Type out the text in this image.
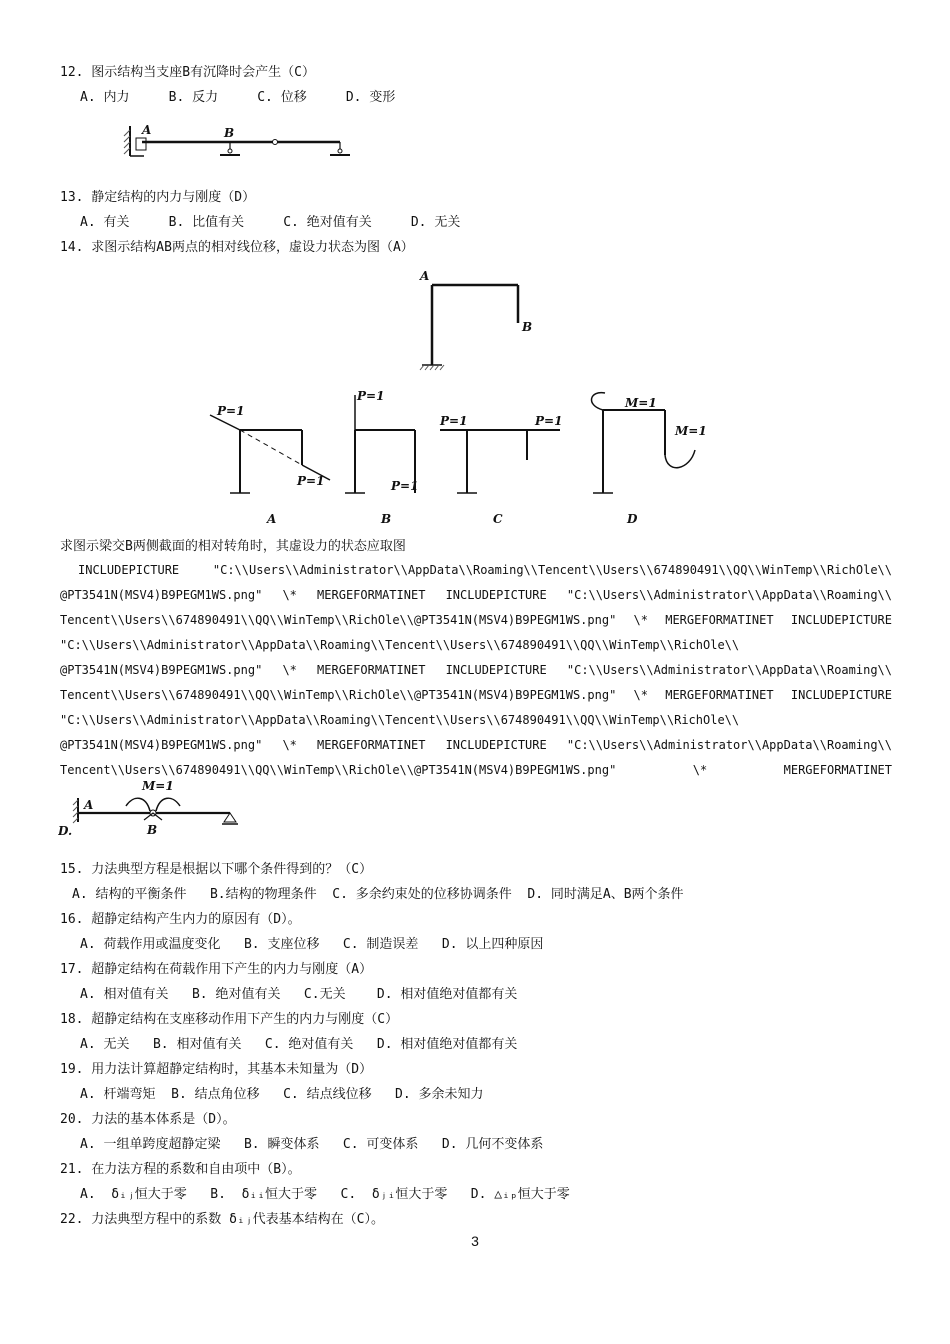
12. 图示结构当支座B有沉降时会产生（C）
A. 内力     B. 反力     C. 位移     D. 变形
A	B
13. 静定结构的内力与刚度（D）
A. 有关     B. 比值有关     C. 绝对值有关     D. 无关
14. 求图示结构AB两点的相对线位移，虚设力状态为图（A）
A
B
P=1
P=1
P=1
P=1
P=1	P=1
M=1
M=1
A	B	C	D
求图示梁交B两侧截面的相对转角时，其虚设力的状态应取图
INCLUDEPICTURE "C:\\Users\\Administrator\\AppData\\Roaming\\Tencent\\Users\\674890491\\QQ\\WinTemp\\RichOle\\
@PT3541N(MSV4)B9PEGM1WS.png" \* MERGEFORMATINET INCLUDEPICTURE "C:\\Users\\Administrator\\AppData\\Roaming\\
Tencent\\Users\\674890491\\QQ\\WinTemp\\RichOle\\@PT3541N(MSV4)B9PEGM1WS.png" \* MERGEFORMATINET INCLUDEPICTURE
"C:\\Users\\Administrator\\AppData\\Roaming\\Tencent\\Users\\674890491\\QQ\\WinTemp\\RichOle\\
@PT3541N(MSV4)B9PEGM1WS.png" \* MERGEFORMATINET INCLUDEPICTURE "C:\\Users\\Administrator\\AppData\\Roaming\\
Tencent\\Users\\674890491\\QQ\\WinTemp\\RichOle\\@PT3541N(MSV4)B9PEGM1WS.png" \* MERGEFORMATINET INCLUDEPICTURE
"C:\\Users\\Administrator\\AppData\\Roaming\\Tencent\\Users\\674890491\\QQ\\WinTemp\\RichOle\\
@PT3541N(MSV4)B9PEGM1WS.png" \* MERGEFORMATINET INCLUDEPICTURE "C:\\Users\\Administrator\\AppData\\Roaming\\
Tencent\\Users\\674890491\\QQ\\WinTemp\\RichOle\\@PT3541N(MSV4)B9PEGM1WS.png" \* MERGEFORMATINET
D.
A
B
M=1
15. 力法典型方程是根据以下哪个条件得到的？（C）
A. 结构的平衡条件   B.结构的物理条件  C. 多余约束处的位移协调条件  D. 同时满足A、B两个条件
16. 超静定结构产生内力的原因有（D）。
A. 荷载作用或温度变化   B. 支座位移   C. 制造误差   D. 以上四种原因
17. 超静定结构在荷载作用下产生的内力与刚度（A）
A. 相对值有关   B. 绝对值有关   C.无关    D. 相对值绝对值都有关
18. 超静定结构在支座移动作用下产生的内力与刚度（C）
A. 无关   B. 相对值有关   C. 绝对值有关   D. 相对值绝对值都有关
19. 用力法计算超静定结构时，其基本未知量为（D）
A. 杆端弯矩  B. 结点角位移   C. 结点线位移   D. 多余未知力
20. 力法的基本体系是（D）。
A. 一组单跨度超静定梁   B. 瞬变体系   C. 可变体系   D. 几何不变体系
21. 在力法方程的系数和自由项中（B）。
A.  δᵢⱼ恒大于零   B.  δᵢᵢ恒大于零   C.  δⱼᵢ恒大于零   D. △ᵢₚ恒大于零
22. 力法典型方程中的系数 δᵢⱼ代表基本结构在（C）。
3
